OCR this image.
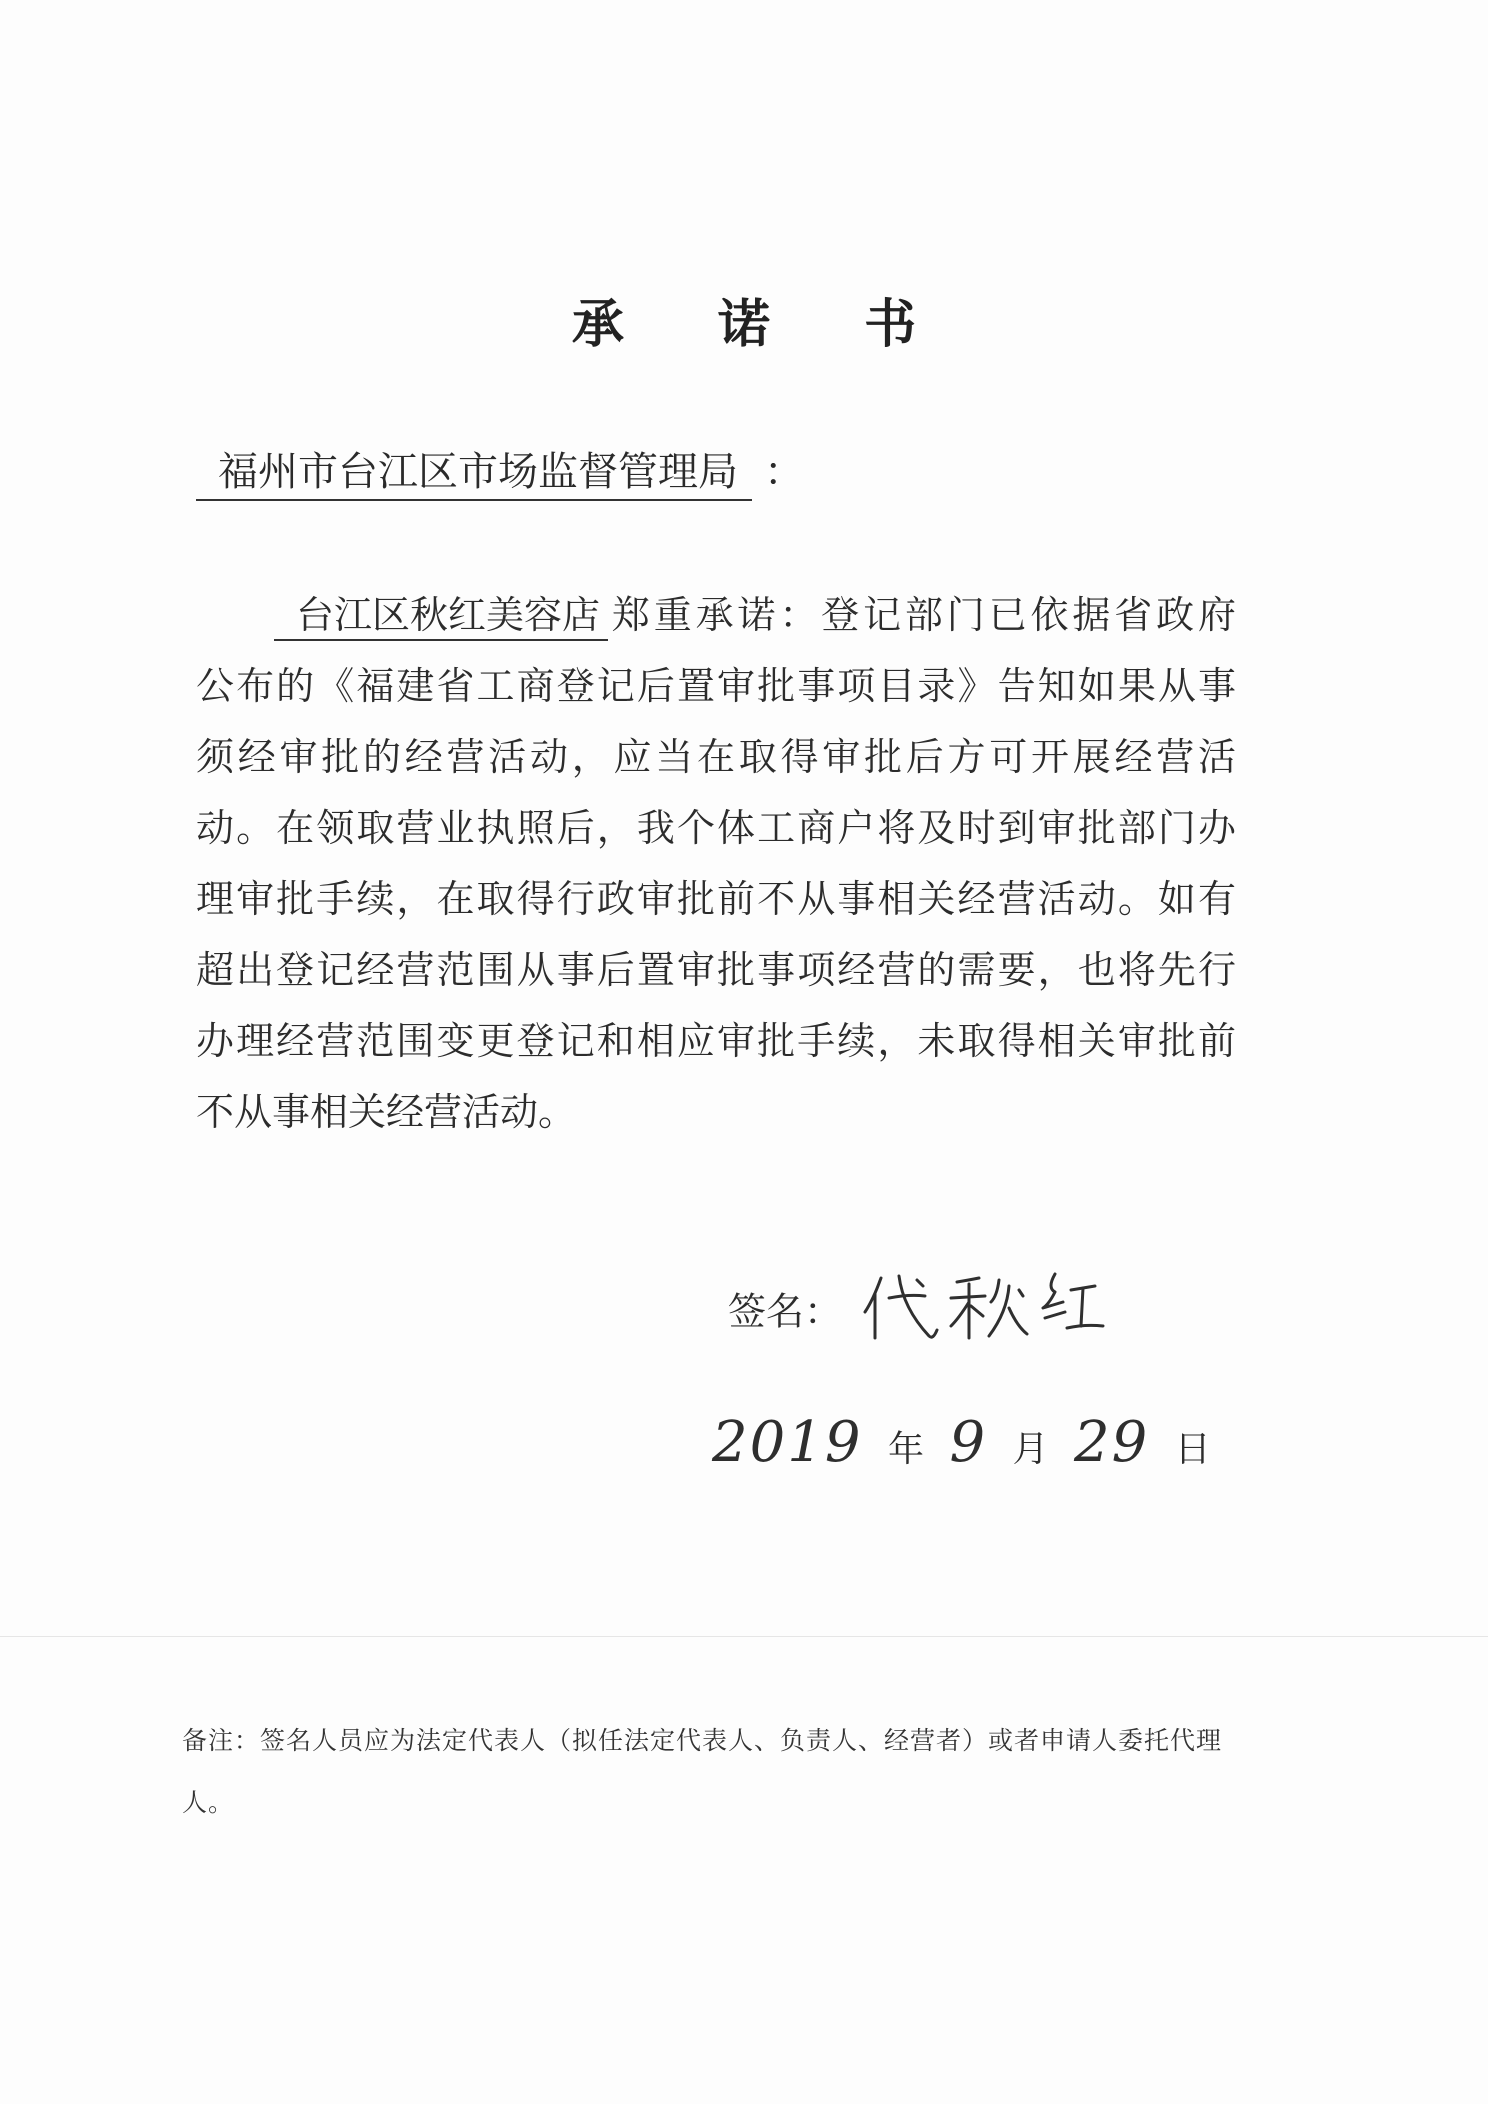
承 诺 书
福州市台江区市场监督管理局 ：
台江区秋红美容店 郑重承诺：登记部门已依据省政府
公布的《福建省工商登记后置审批事项目录》告知如果从事
须经审批的经营活动，应当在取得审批后方可开展经营活
动。在领取营业执照后，我个体工商户将及时到审批部门办
理审批手续，在取得行政审批前不从事相关经营活动。如有
超出登记经营范围从事后置审批事项经营的需要，也将先行
办理经营范围变更登记和相应审批手续，未取得相关审批前
不从事相关经营活动。
签名：
2019 年 9 月 29 日
备注：签名人员应为法定代表人（拟任法定代表人、负责人、经营者）或者申请人委托代理人。
